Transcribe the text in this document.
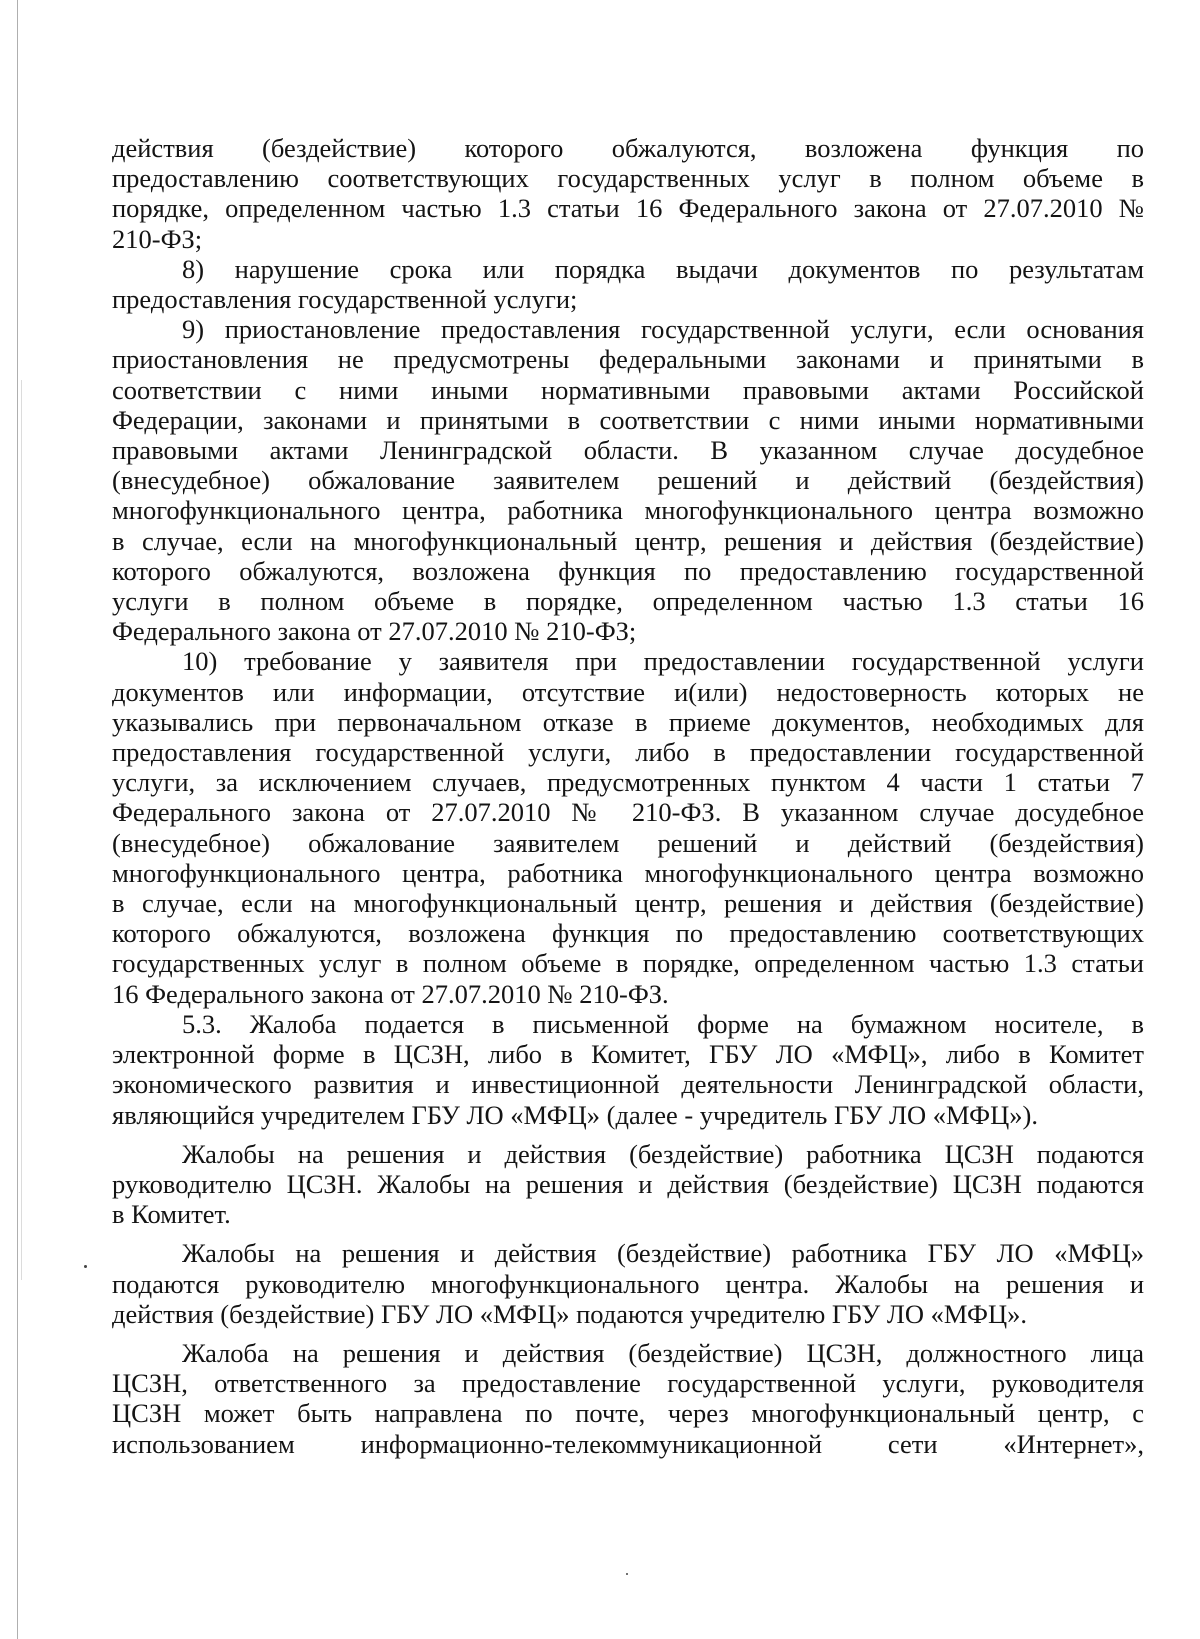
действия (бездействие) которого обжалуются, возложена функция по
предоставлению соответствующих государственных услуг в полном объеме в
порядке, определенном частью 1.3 статьи 16 Федерального закона от 27.07.2010 №
210-ФЗ;
8) нарушение срока или порядка выдачи документов по результатам
предоставления государственной услуги;
9) приостановление предоставления государственной услуги, если основания
приостановления не предусмотрены федеральными законами и принятыми в
соответствии с ними иными нормативными правовыми актами Российской
Федерации, законами и принятыми в соответствии с ними иными нормативными
правовыми актами Ленинградской области. В указанном случае досудебное
(внесудебное) обжалование заявителем решений и действий (бездействия)
многофункционального центра, работника многофункционального центра возможно
в случае, если на многофункциональный центр, решения и действия (бездействие)
которого обжалуются, возложена функция по предоставлению государственной
услуги в полном объеме в порядке, определенном частью 1.3 статьи 16
Федерального закона от 27.07.2010 № 210-ФЗ;
10) требование у заявителя при предоставлении государственной услуги
документов или информации, отсутствие и(или) недостоверность которых не
указывались при первоначальном отказе в приеме документов, необходимых для
предоставления государственной услуги, либо в предоставлении государственной
услуги, за исключением случаев, предусмотренных пунктом 4 части 1 статьи 7
Федерального закона от 27.07.2010 № 210-ФЗ. В указанном случае досудебное
(внесудебное) обжалование заявителем решений и действий (бездействия)
многофункционального центра, работника многофункционального центра возможно
в случае, если на многофункциональный центр, решения и действия (бездействие)
которого обжалуются, возложена функция по предоставлению соответствующих
государственных услуг в полном объеме в порядке, определенном частью 1.3 статьи
16 Федерального закона от 27.07.2010 № 210-ФЗ.
5.3. Жалоба подается в письменной форме на бумажном носителе, в
электронной форме в ЦСЗН, либо в Комитет, ГБУ ЛО «МФЦ», либо в Комитет
экономического развития и инвестиционной деятельности Ленинградской области,
являющийся учредителем ГБУ ЛО «МФЦ» (далее - учредитель ГБУ ЛО «МФЦ»).
Жалобы на решения и действия (бездействие) работника ЦСЗН подаются
руководителю ЦСЗН. Жалобы на решения и действия (бездействие) ЦСЗН подаются
в Комитет.
Жалобы на решения и действия (бездействие) работника ГБУ ЛО «МФЦ»
подаются руководителю многофункционального центра. Жалобы на решения и
действия (бездействие) ГБУ ЛО «МФЦ» подаются учредителю ГБУ ЛО «МФЦ».
Жалоба на решения и действия (бездействие) ЦСЗН, должностного лица
ЦСЗН, ответственного за предоставление государственной услуги, руководителя
ЦСЗН может быть направлена по почте, через многофункциональный центр, с
использованием информационно-телекоммуникационной сети «Интернет»,
